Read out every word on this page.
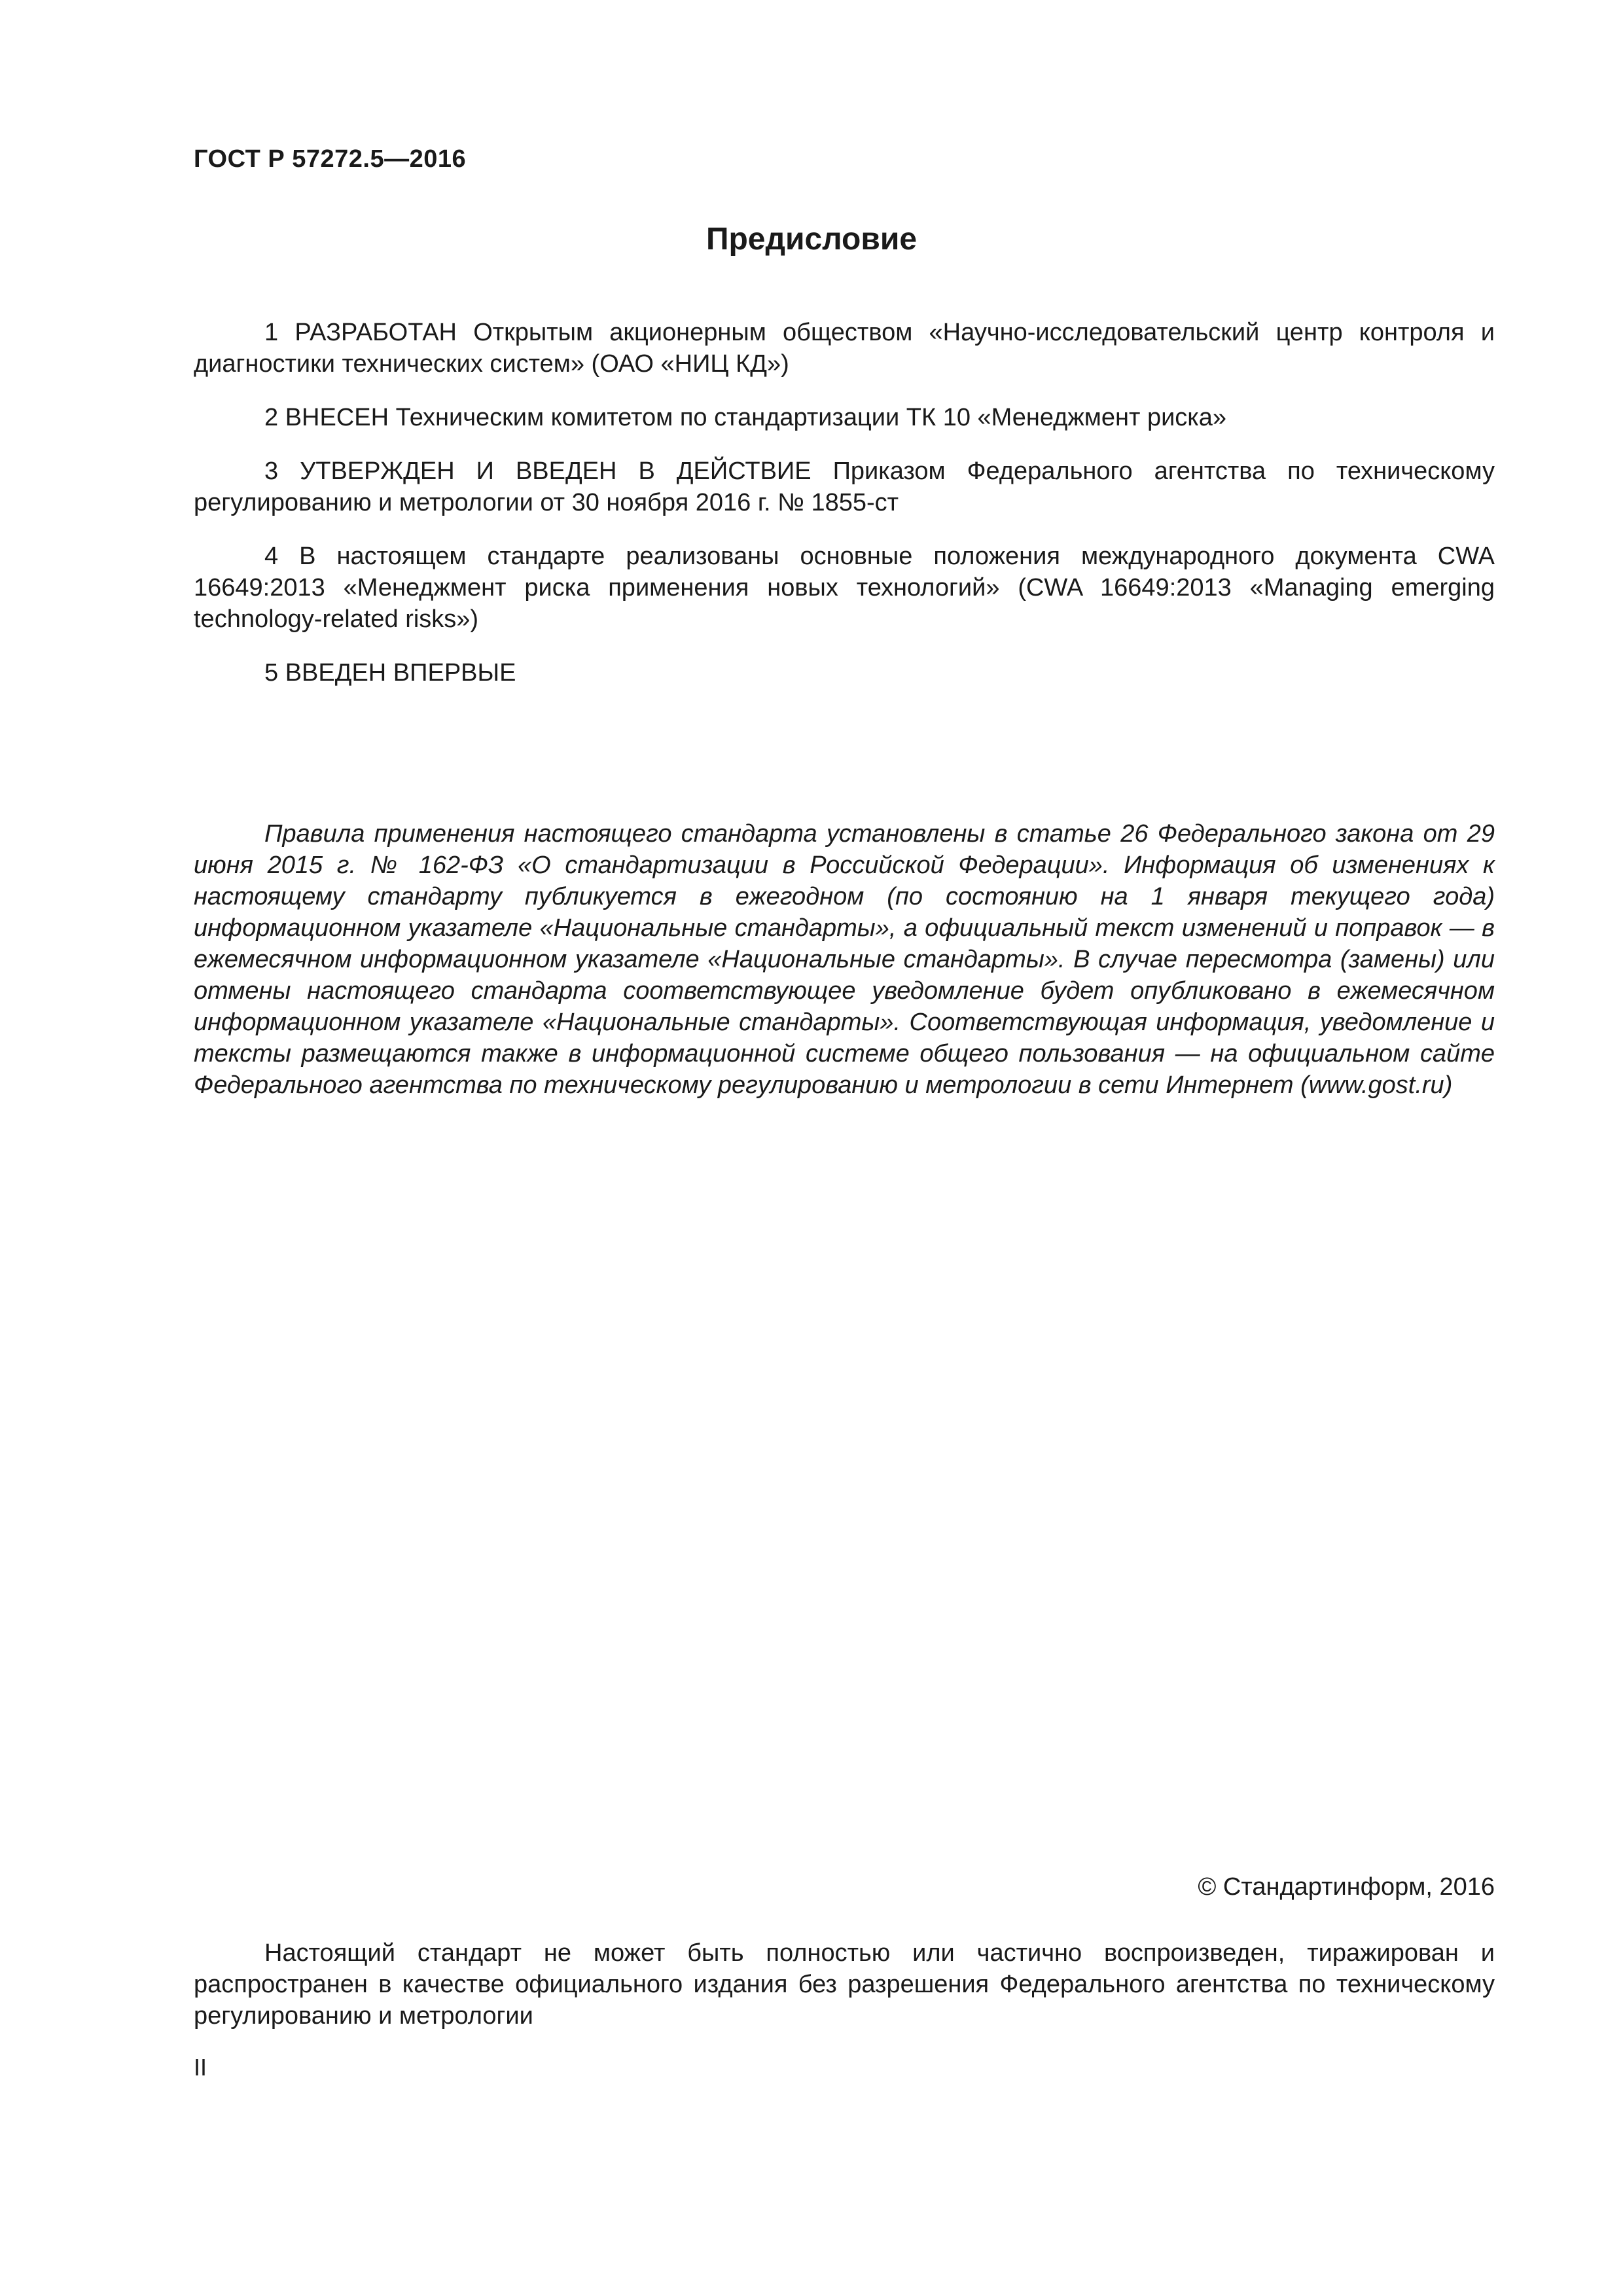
ГОСТ Р 57272.5—2016
Предисловие

1 РАЗРАБОТАН Открытым акционерным обществом «Научно-исследовательский центр контроля и диагностики технических систем» (ОАО «НИЦ КД»)

2 ВНЕСЕН Техническим комитетом по стандартизации ТК 10 «Менеджмент риска»

3 УТВЕРЖДЕН И ВВЕДЕН В ДЕЙСТВИЕ Приказом Федерального агентства по техническому регулированию и метрологии от 30 ноября 2016 г. № 1855-ст

4 В настоящем стандарте реализованы основные положения международного документа CWA 16649:2013 «Менеджмент риска применения новых технологий» (CWA 16649:2013 «Managing emerging technology-related risks»)

5 ВВЕДЕН ВПЕРВЫЕ

Правила применения настоящего стандарта установлены в статье 26 Федерального закона от 29 июня 2015 г. № 162-ФЗ «О стандартизации в Российской Федерации». Информация об изменениях к настоящему стандарту публикуется в ежегодном (по состоянию на 1 января текущего года) информационном указателе «Национальные стандарты», а официальный текст изменений и поправок — в ежемесячном информационном указателе «Национальные стандарты». В случае пересмотра (замены) или отмены настоящего стандарта соответствующее уведомление будет опубликовано в ежемесячном информационном указателе «Национальные стандарты». Соответствующая информация, уведомление и тексты размещаются также в информационной системе общего пользования — на официальном сайте Федерального агентства по техническому регулированию и метрологии в сети Интернет (www.gost.ru)

© Стандартинформ, 2016

Настоящий стандарт не может быть полностью или частично воспроизведен, тиражирован и распространен в качестве официального издания без разрешения Федерального агентства по техническому регулированию и метрологии

II
